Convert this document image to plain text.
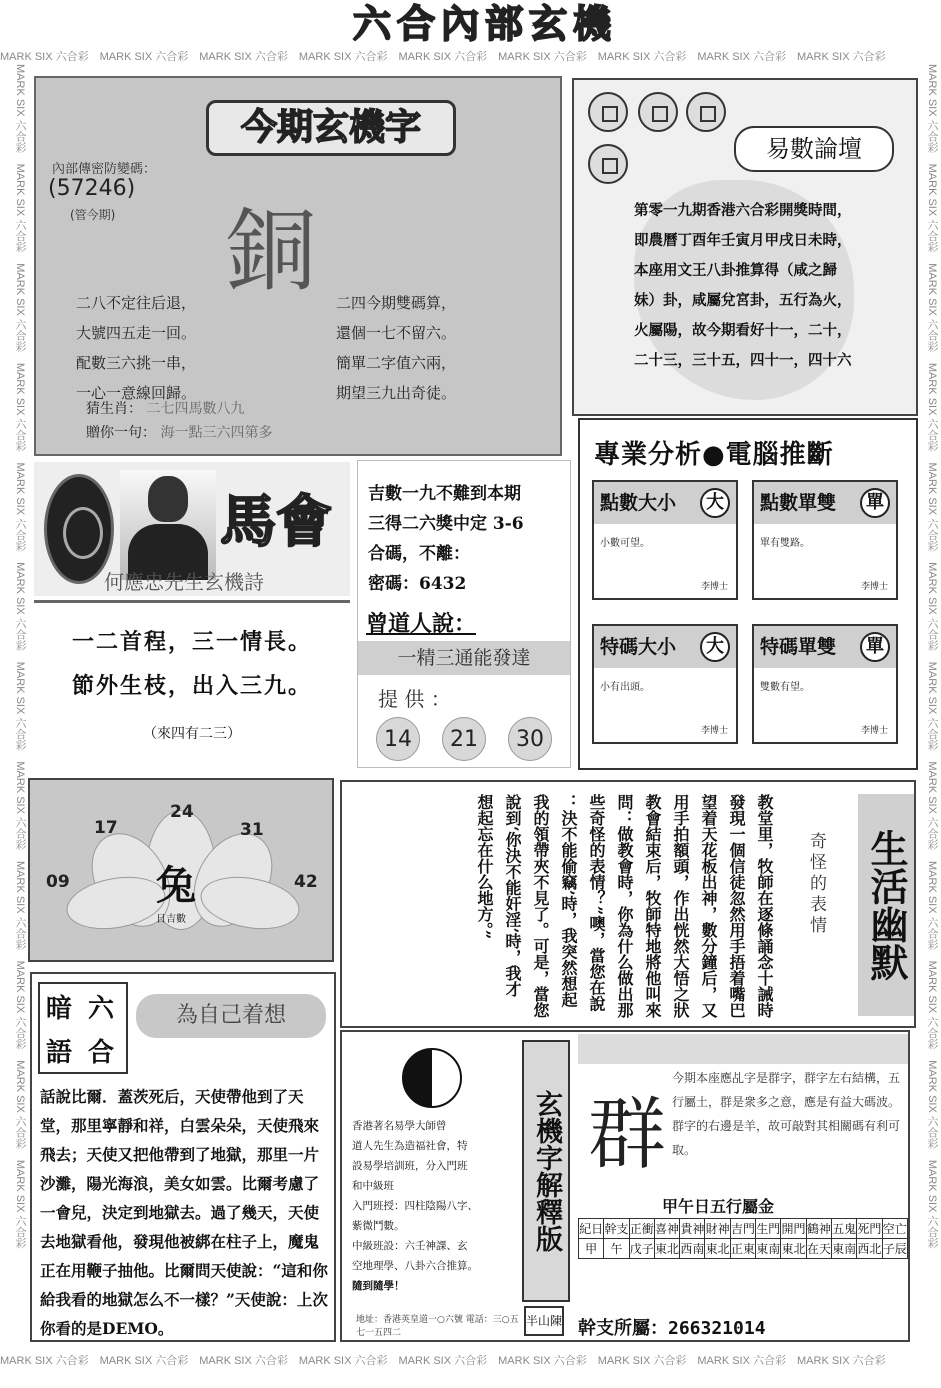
MARK SIX 六合彩　 MARK SIX 六合彩　 MARK SIX 六合彩　 MARK SIX 六合彩　 MARK SIX 六合彩　 MARK SIX 六合彩　 MARK SIX 六合彩　 MARK SIX 六合彩　 MARK SIX 六合彩
MARK SIX 六合彩　 MARK SIX 六合彩　 MARK SIX 六合彩　 MARK SIX 六合彩　 MARK SIX 六合彩　 MARK SIX 六合彩　 MARK SIX 六合彩　 MARK SIX 六合彩　 MARK SIX 六合彩
MARK SIX 六合彩　MARK SIX 六合彩　MARK SIX 六合彩　MARK SIX 六合彩　MARK SIX 六合彩　MARK SIX 六合彩　MARK SIX 六合彩　MARK SIX 六合彩　MARK SIX 六合彩　MARK SIX 六合彩　MARK SIX 六合彩　MARK SIX 六合彩
MARK SIX 六合彩　MARK SIX 六合彩　MARK SIX 六合彩　MARK SIX 六合彩　MARK SIX 六合彩　MARK SIX 六合彩　MARK SIX 六合彩　MARK SIX 六合彩　MARK SIX 六合彩　MARK SIX 六合彩　MARK SIX 六合彩　MARK SIX 六合彩
六合內部玄機
今期玄機字
內部傳密防變碼：
(57246)
(管今期) 銅
二八不定往后退，
大號四五走一回。
配數三六挑一串，
一心一意線回歸。
二四今期雙碼算，
還個一七不留六。
簡單二字值六兩，
期望三九出奇徒。
猜生肖： 二七四馬數八九
贈你一句： 海一點三六四第多
易數論壇
第零一九期香港六合彩開獎時間，
即農曆丁酉年壬寅月甲戌日未時，
本座用文王八卦推算得（咸之歸
妹）卦，咸屬兌宮卦，五行為火，
火屬陽，故今期看好十一，二十，
二十三，三十五，四十一，四十六
馬會
何應忠先生玄機詩
一二首程，三一情長。
節外生枝，出入三九。
（來四有二三）
吉數一九不難到本期
三得二六獎中定 3-6
合碼，不離：
密碼：6432
曾道人說：
一精三通能發達
提 供 ：
14	21	30
專業分析●電腦推斷
點數大小	大
小數可望。
李博士
點數單雙	單
單有雙路。
李博士
特碼大小	大
小有出頭。
李博士
特碼單雙	單
雙數有望。
李博士
24
17	31
09	42
兔
日吉數	教堂里，牧師在逐條誦念十誡時
發現一個信徒忽然用手捂着嘴巴
望着天花板出神，數分鐘后，又
用手拍額頭，作出恍然大悟之狀
教會結束后，牧師特地將他叫來
問：做教會時，你為什么做出那
些奇怪的表情？”噢，當您在說
：決不能偷竊’時，我突然想起
我的領帶夾不見了。可是，當您
說到‘你決不能奸淫’時，我才
想起忘在什么地方。”	奇怪的表情 生活幽默
暗 六
語 合
為自己着想
話說比爾．蓋茨死后，天使帶他到了天堂，那里寧靜和祥，白雲朵朵，天使飛來飛去；天使又把他帶到了地獄，那里一片沙灘，陽光海浪，美女如雲。比爾考慮了一會兒，決定到地獄去。過了幾天，天使去地獄看他，發現他被綁在柱子上，魔鬼正在用鞭子抽他。比爾問天使說：“這和你給我看的地獄怎么不一樣？”天使說：上次你看的是DEMO。
香港著名易學大師曾
道人先生為造福社會，特
設易學培訓班，分入門班
和中級班
入門班授：四柱陰陽八字、
紫微鬥數。
中級班設：六壬神課、玄
空地理學、八卦六合推算。
隨到隨學！
地址：香港英皇道一○六號 電話：三○五七一五四二
玄機字解釋版
半山陳
群
今期本座應乩字是群字，群字左右結構，五行屬土，群是衆多之意，應是有益大碼波。群字的右邊是羊，故可敲對其相關碼有利可取。
甲午日五行屬金
紀日	幹支	正衝	喜神	貴神	財神	吉門	生門	開門	鶴神	五鬼	死門	空亡
甲	午	戊子	東北	西南	東北	正東	東南	東北	在天	東南	西北	子辰
幹支所屬：266321014
